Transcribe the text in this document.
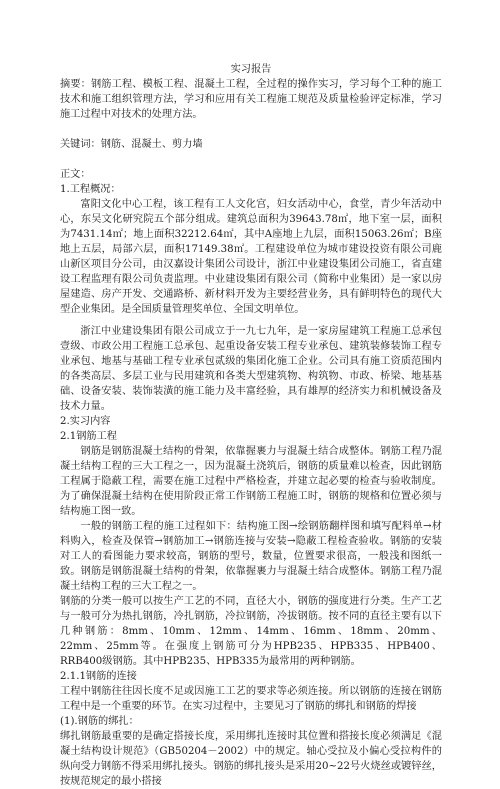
实习报告

摘要：钢筋工程、模板工程、混凝土工程，全过程的操作实习，学习每个工种的施工技术和施工组织管理方法，学习和应用有关工程施工规范及质量检验评定标准，学习施工过程中对技术的处理方法。

关键词：钢筋、混凝土、剪力墙

正文：

1.工程概况：

富阳文化中心工程，该工程有工人文化宫，妇女活动中心，食堂，青少年活动中心，东吴文化研究院五个部分组成。建筑总面积为39643.78㎡，地下室一层，面积为7431.14㎡；地上面积32212.64㎡，其中A座地上九层，面积15063.26㎡；B座地上五层，局部六层，面积17149.38㎡。工程建设单位为城市建设投资有限公司鹿山新区项目分公司，由汉嘉设计集团公司设计，浙江中业建设集团公司施工，省直建设工程监理有限公司负责监理。中业建设集团有限公司（简称中业集团）是一家以房屋建造、房产开发、交通路桥、新材料开发为主要经营业务，具有鲜明特色的现代大型企业集团。是全国质量管理奖单位、全国文明单位。

浙江中业建设集团有限公司成立于一九七九年，是一家房屋建筑工程施工总承包壹级、市政公用工程施工总承包、起重设备安装工程专业承包、建筑装修装饰工程专业承包、地基与基础工程专业承包贰级的集团化施工企业。公司具有施工资质范围内的各类高层、多层工业与民用建筑和各类大型建筑物、构筑物、市政、桥梁、地基基础、设备安装、装饰装潢的施工能力及丰富经验，具有雄厚的经济实力和机械设备及技术力量。

2.实习内容

2.1钢筋工程

钢筋是钢筋混凝土结构的骨架，依靠握裹力与混凝土结合成整体。钢筋工程乃混凝土结构工程的三大工程之一，因为混凝土浇筑后，钢筋的质量难以检查，因此钢筋工程属于隐蔽工程，需要在施工过程中严格检查，并建立起必要的检查与验收制度。为了确保混凝土结构在使用阶段正常工作钢筋工程施工时，钢筋的规格和位置必须与结构施工图一致。

一般的钢筋工程的施工过程如下：结构施工图→绘钢筋翻样图和填写配料单→材料购入，检查及保管→钢筋加工→钢筋连接与安装→隐蔽工程检查验收。钢筋的安装对工人的看图能力要求较高，钢筋的型号，数量，位置要求很高，一般浅和图纸一致。钢筋是钢筋混凝土结构的骨架，依靠握裹力与混凝土结合成整体。钢筋工程乃混凝土结构工程的三大工程之一。

钢筋的分类一般可以按生产工艺的不同，直径大小，钢筋的强度进行分类。生产工艺与一般可分为热扎钢筋，冷扎钢筋，冷拉钢筋，冷拔钢筋。按不同的直径主要有以下几种钢筋：8mm、10mm、12mm、14mm、16mm、18mm、20mm、22mm、25mm等。在强度上钢筋可分为HPB235、HPB335、HPB400、RRB400级钢筋。其中HPB235、HPB335为最常用的两种钢筋。

2.1.1钢筋的连接

工程中钢筋往往因长度不足或因施工工艺的要求等必须连接。所以钢筋的连接在钢筋工程中是一个重要的环节。在实习过程中，主要见习了钢筋的绑扎和钢筋的焊接

(1).钢筋的绑扎：

绑扎钢筋最重要的是确定搭接长度，采用绑扎连接时其位置和搭接长度必须满足《混凝土结构设计规范》（GB50204－2002）中的规定。轴心受拉及小偏心受拉构件的纵向受力钢筋不得采用绑扎接头。钢筋的绑扎接头是采用20~22号火烧丝或镀锌丝，按规范规定的最小搭接
